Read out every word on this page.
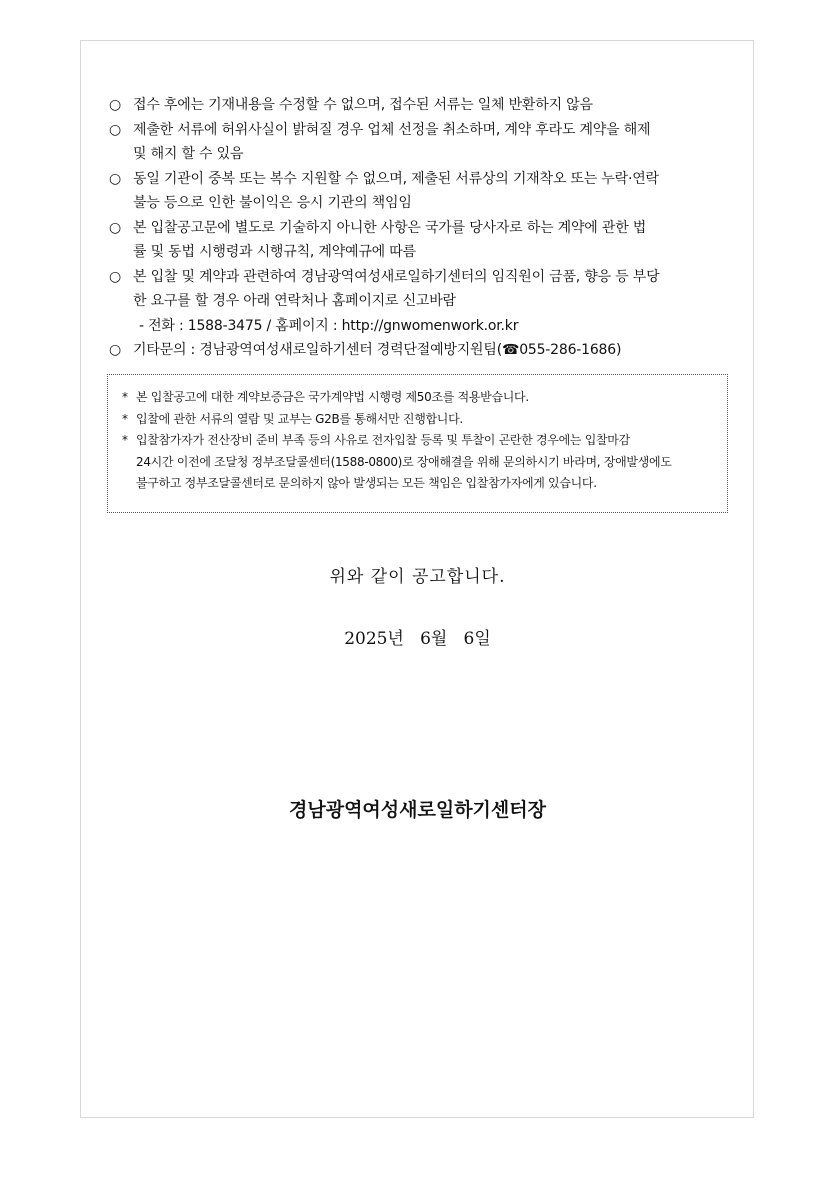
○ 접수 후에는 기재내용을 수정할 수 없으며, 접수된 서류는 일체 반환하지 않음
○ 제출한 서류에 허위사실이 밝혀질 경우 업체 선정을 취소하며, 계약 후라도 계약을 해제
및 해지 할 수 있음
○ 동일 기관이 중복 또는 복수 지원할 수 없으며, 제출된 서류상의 기재착오 또는 누락·연락
불능 등으로 인한 불이익은 응시 기관의 책임임
○ 본 입찰공고문에 별도로 기술하지 아니한 사항은 국가를 당사자로 하는 계약에 관한 법
률 및 동법 시행령과 시행규칙, 계약예규에 따름
○ 본 입찰 및 계약과 관련하여 경남광역여성새로일하기센터의 임직원이 금품, 향응 등 부당
한 요구를 할 경우 아래 연락처나 홈페이지로 신고바람
- 전화 : 1588-3475 / 홈페이지 : http://gnwomenwork.or.kr
○ 기타문의 : 경남광역여성새로일하기센터 경력단절예방지원팀(☎055-286-1686)
* 본 입찰공고에 대한 계약보증금은 국가계약법 시행령 제50조를 적용받습니다.
* 입찰에 관한 서류의 열람 및 교부는 G2B를 통해서만 진행합니다.
* 입찰참가자가 전산장비 준비 부족 등의 사유로 전자입찰 등록 및 투찰이 곤란한 경우에는 입찰마감
24시간 이전에 조달청 정부조달콜센터(1588-0800)로 장애해결을 위해 문의하시기 바라며, 장애발생에도
불구하고 정부조달콜센터로 문의하지 않아 발생되는 모든 책임은 입찰참가자에게 있습니다.
위와 같이 공고합니다.
2025년   6월   6일
경남광역여성새로일하기센터장
